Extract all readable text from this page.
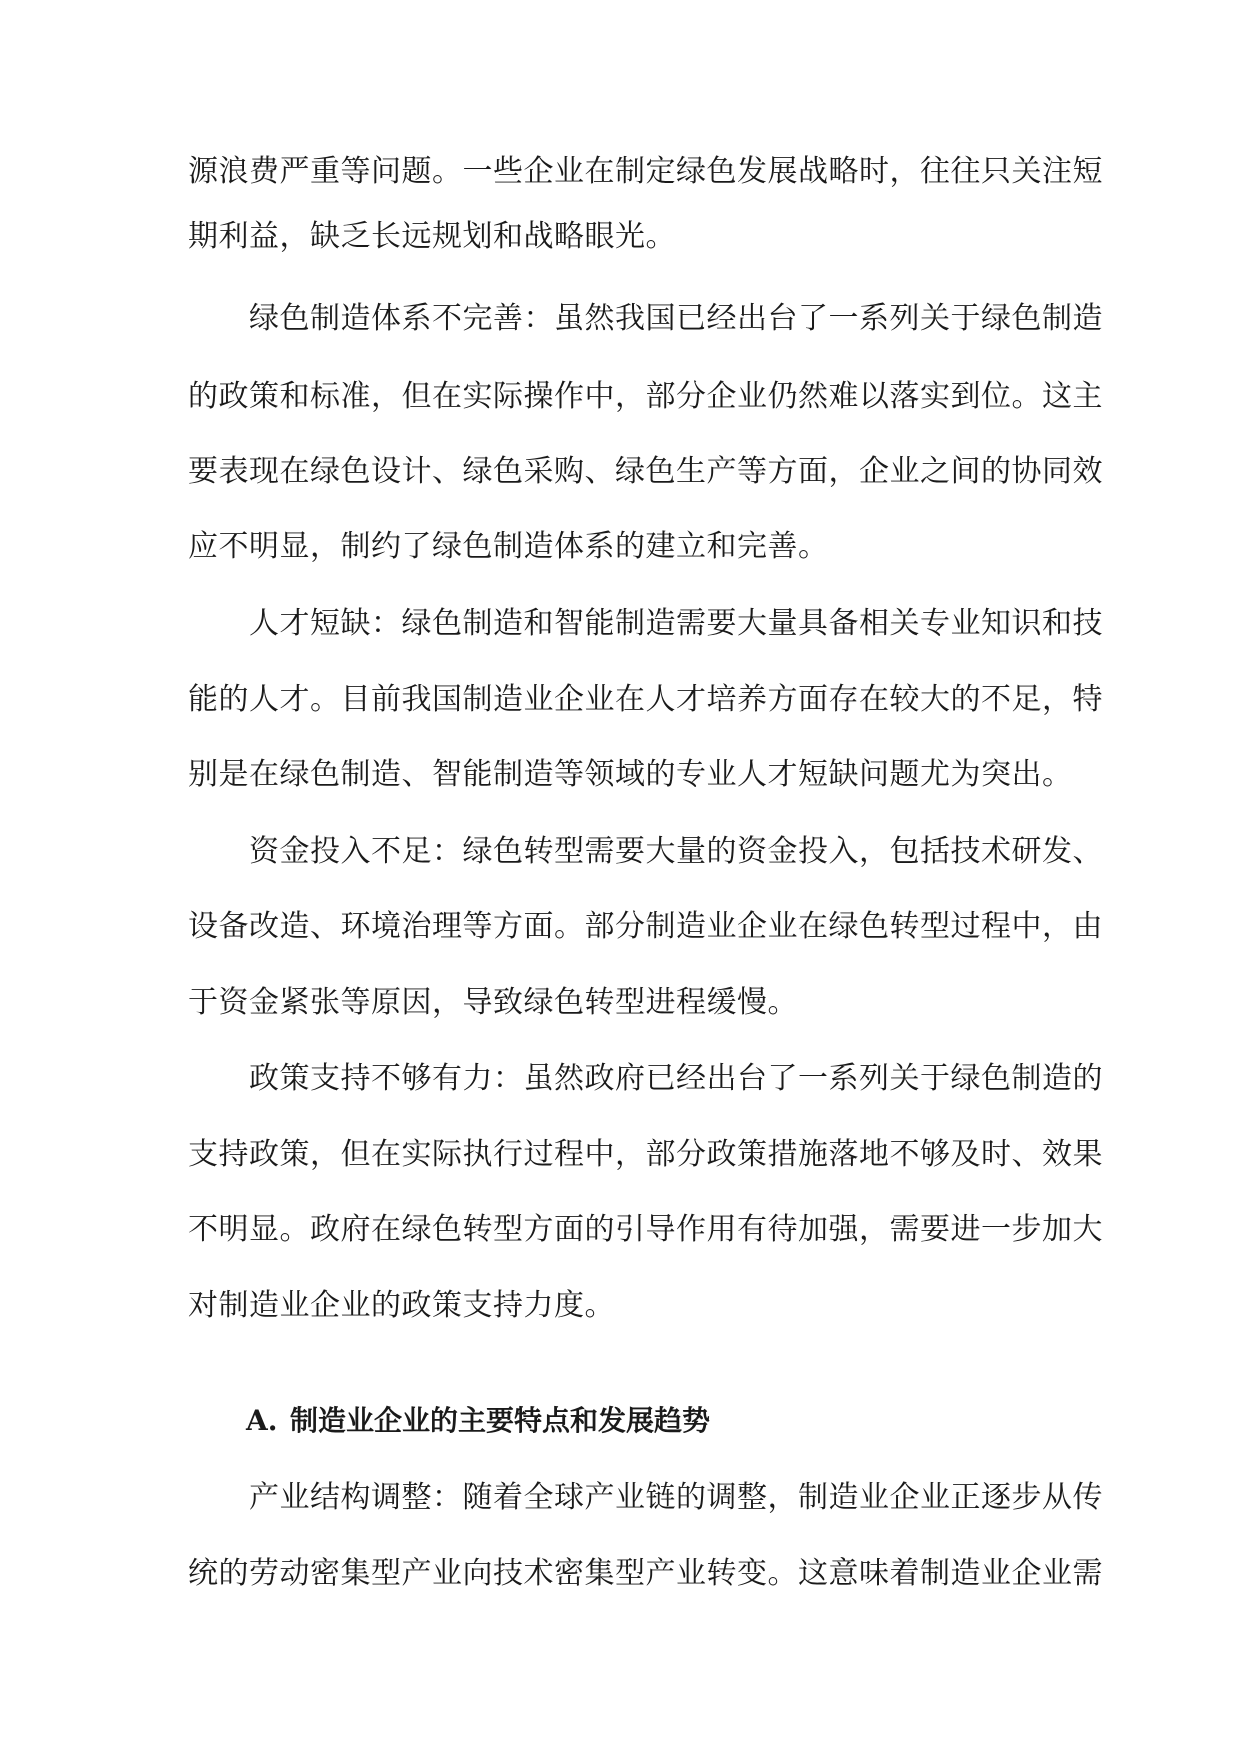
源浪费严重等问题。一些企业在制定绿色发展战略时，往往只关注短
期利益，缺乏长远规划和战略眼光。
　　绿色制造体系不完善：虽然我国已经出台了一系列关于绿色制造
的政策和标准，但在实际操作中，部分企业仍然难以落实到位。这主
要表现在绿色设计、绿色采购、绿色生产等方面，企业之间的协同效
应不明显，制约了绿色制造体系的建立和完善。
　　人才短缺：绿色制造和智能制造需要大量具备相关专业知识和技
能的人才。目前我国制造业企业在人才培养方面存在较大的不足，特
别是在绿色制造、智能制造等领域的专业人才短缺问题尤为突出。
　　资金投入不足：绿色转型需要大量的资金投入，包括技术研发、
设备改造、环境治理等方面。部分制造业企业在绿色转型过程中，由
于资金紧张等原因，导致绿色转型进程缓慢。
　　政策支持不够有力：虽然政府已经出台了一系列关于绿色制造的
支持政策，但在实际执行过程中，部分政策措施落地不够及时、效果
不明显。政府在绿色转型方面的引导作用有待加强，需要进一步加大
对制造业企业的政策支持力度。
A. 制造业企业的主要特点和发展趋势
　　产业结构调整：随着全球产业链的调整，制造业企业正逐步从传
统的劳动密集型产业向技术密集型产业转变。这意味着制造业企业需
